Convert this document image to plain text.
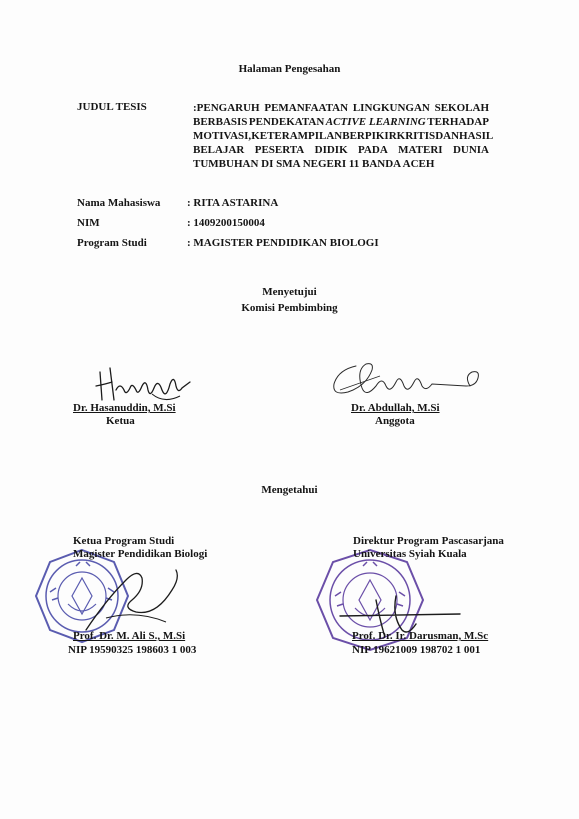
Halaman Pengesahan
JUDUL TESIS	:PENGARUH PEMANFAATAN LINGKUNGAN SEKOLAH
BERBASIS PENDEKATAN ACTIVE LEARNING TERHADAP
MOTIVASI, KETERAMPILAN BERPIKIR KRITIS DAN HASIL
BELAJAR PESERTA DIDIK PADA MATERI DUNIA
TUMBUHAN DI SMA NEGERI 11 BANDA ACEH
Nama Mahasiswa : RITA ASTARINA
NIM	: 1409200150004
Program Studi	: MAGISTER PENDIDIKAN BIOLOGI
Menyetujui
Komisi Pembimbing
Dr. Hasanuddin, M.Si
Ketua
Dr. Abdullah, M.Si
Anggota
Mengetahui
Ketua Program Studi
Magister Pendidikan Biologi
Prof. Dr. M. Ali S., M.Si
NIP 19590325 198603 1 003
Direktur Program Pascasarjana
Universitas Syiah Kuala
Prof. Dr. Ir. Darusman, M.Sc
NIP 19621009 198702 1 001
